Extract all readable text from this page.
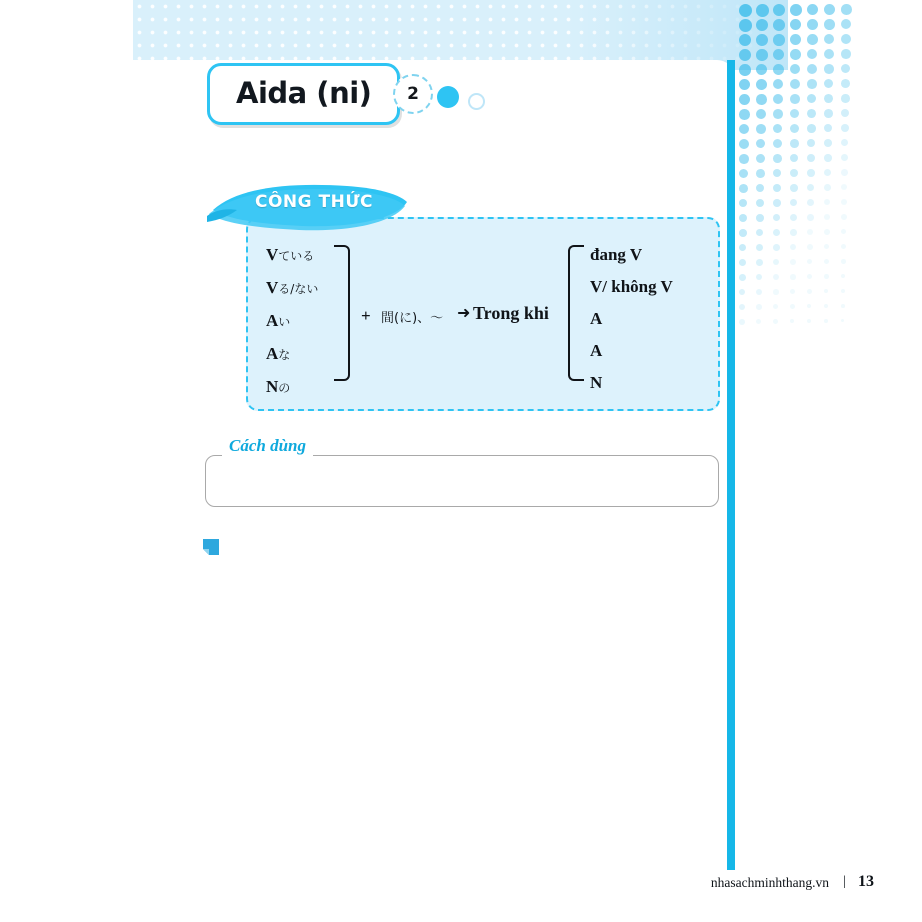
Aida (ni) 2
CÔNG THỨC
Vている
Vる/ない
Aい
Aな
Nの
+ 間(に)、〜 ➜ Trong khi
đang V
V/ không V
A
A
N
Cách dùng
nhasachminhthang.vn | 13
